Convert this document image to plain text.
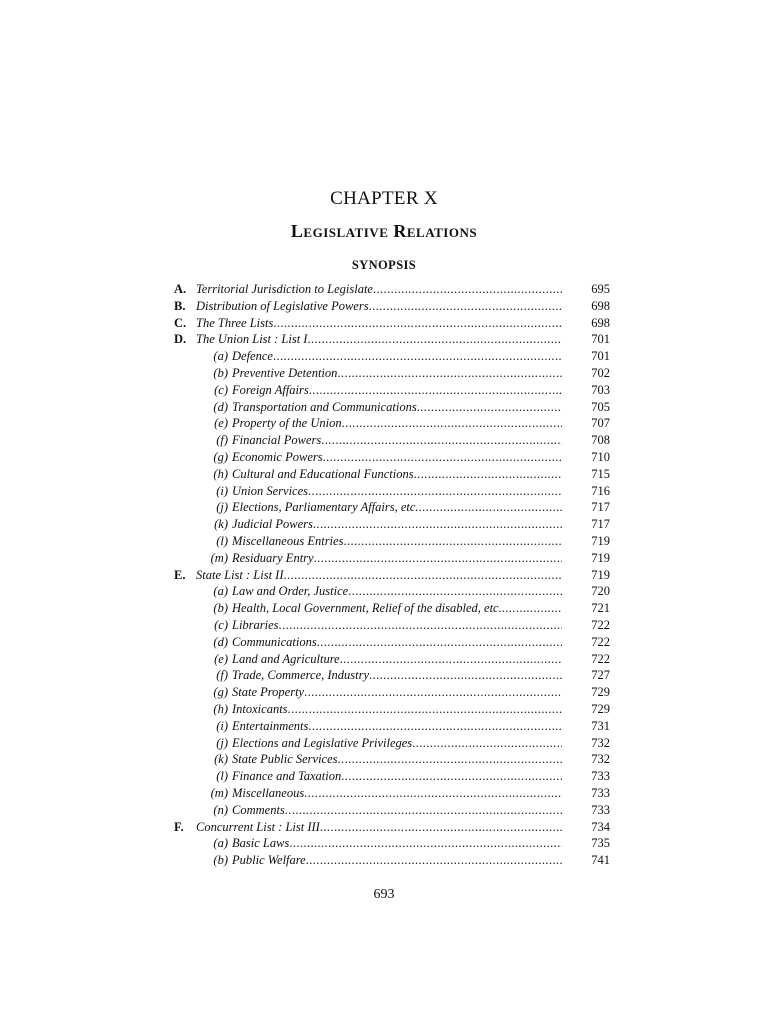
CHAPTER X
Legislative Relations
SYNOPSIS
A. Territorial Jurisdiction to Legislate .....	695
B. Distribution of Legislative Powers .....	698
C. The Three Lists .....	698
D. The Union List : List I .....	701
(a) Defence .....	701
(b) Preventive Detention .....	702
(c) Foreign Affairs .....	703
(d) Transportation and Communications .....	705
(e) Property of the Union .....	707
(f) Financial Powers .....	708
(g) Economic Powers .....	710
(h) Cultural and Educational Functions .....	715
(i) Union Services .....	716
(j) Elections, Parliamentary Affairs, etc. .....	717
(k) Judicial Powers .....	717
(l) Miscellaneous Entries .....	719
(m) Residuary Entry .....	719
E. State List : List II .....	719
(a) Law and Order, Justice .....	720
(b) Health, Local Government, Relief of the disabled, etc. .....	721
(c) Libraries .....	722
(d) Communications .....	722
(e) Land and Agriculture .....	722
(f) Trade, Commerce, Industry .....	727
(g) State Property .....	729
(h) Intoxicants .....	729
(i) Entertainments .....	731
(j) Elections and Legislative Privileges .....	732
(k) State Public Services .....	732
(l) Finance and Taxation .....	733
(m) Miscellaneous .....	733
(n) Comments .....	733
F. Concurrent List : List III .....	734
(a) Basic Laws .....	735
(b) Public Welfare .....	741
693
